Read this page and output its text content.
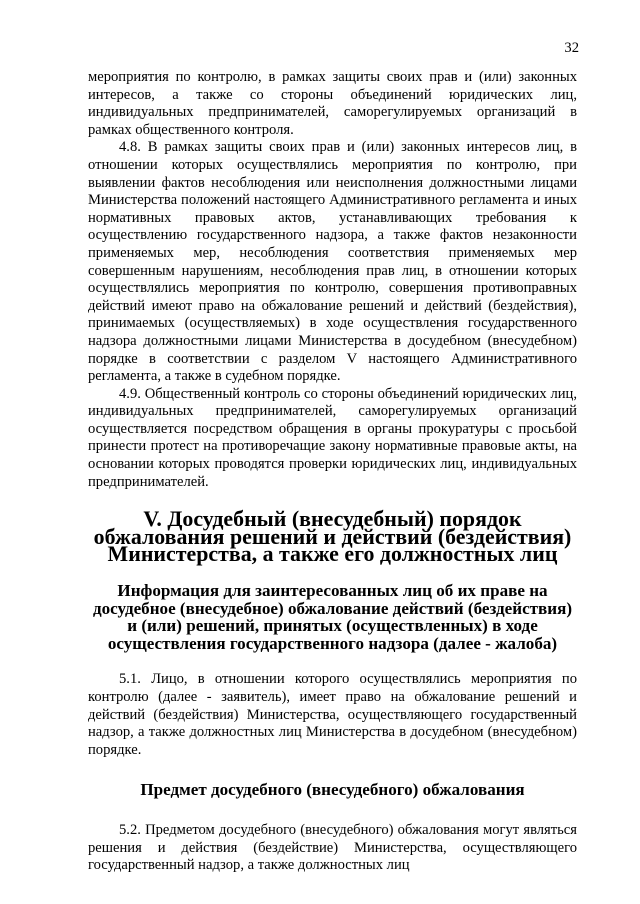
32

мероприятия по контролю, в рамках защиты своих прав и (или) законных интересов, а также со стороны объединений юридических лиц, индивидуальных предпринимателей, саморегулируемых организаций в рамках общественного контроля.

4.8. В рамках защиты своих прав и (или) законных интересов лиц, в отношении которых осуществлялись мероприятия по контролю, при выявлении фактов несоблюдения или неисполнения должностными лицами Министерства положений настоящего Административного регламента и иных нормативных правовых актов, устанавливающих требования к осуществлению государственного надзора, а также фактов незаконности применяемых мер, несоблюдения соответствия применяемых мер совершенным нарушениям, несоблюдения прав лиц, в отношении которых осуществлялись мероприятия по контролю, совершения противоправных действий имеют право на обжалование решений и действий (бездействия), принимаемых (осуществляемых) в ходе осуществления государственного надзора должностными лицами Министерства в досудебном (внесудебном) порядке в соответствии с разделом V настоящего Административного регламента, а также в судебном порядке.

4.9. Общественный контроль со стороны объединений юридических лиц, индивидуальных предпринимателей, саморегулируемых организаций осуществляется посредством обращения в органы прокуратуры с просьбой принести протест на противоречащие закону нормативные правовые акты, на основании которых проводятся проверки юридических лиц, индивидуальных предпринимателей.

V. Досудебный (внесудебный) порядок обжалования решений и действий (бездействия) Министерства, а также его должностных лиц
Информация для заинтересованных лиц об их праве на досудебное (внесудебное) обжалование действий (бездействия) и (или) решений, принятых (осуществленных) в ходе осуществления государственного надзора (далее - жалоба)

5.1. Лицо, в отношении которого осуществлялись мероприятия по контролю (далее - заявитель), имеет право на обжалование решений и действий (бездействия) Министерства, осуществляющего государственный надзор, а также должностных лиц Министерства в досудебном (внесудебном) порядке.

Предмет досудебного (внесудебного) обжалования

5.2. Предметом досудебного (внесудебного) обжалования могут являться решения и действия (бездействие) Министерства, осуществляющего государственный надзор, а также должностных лиц
